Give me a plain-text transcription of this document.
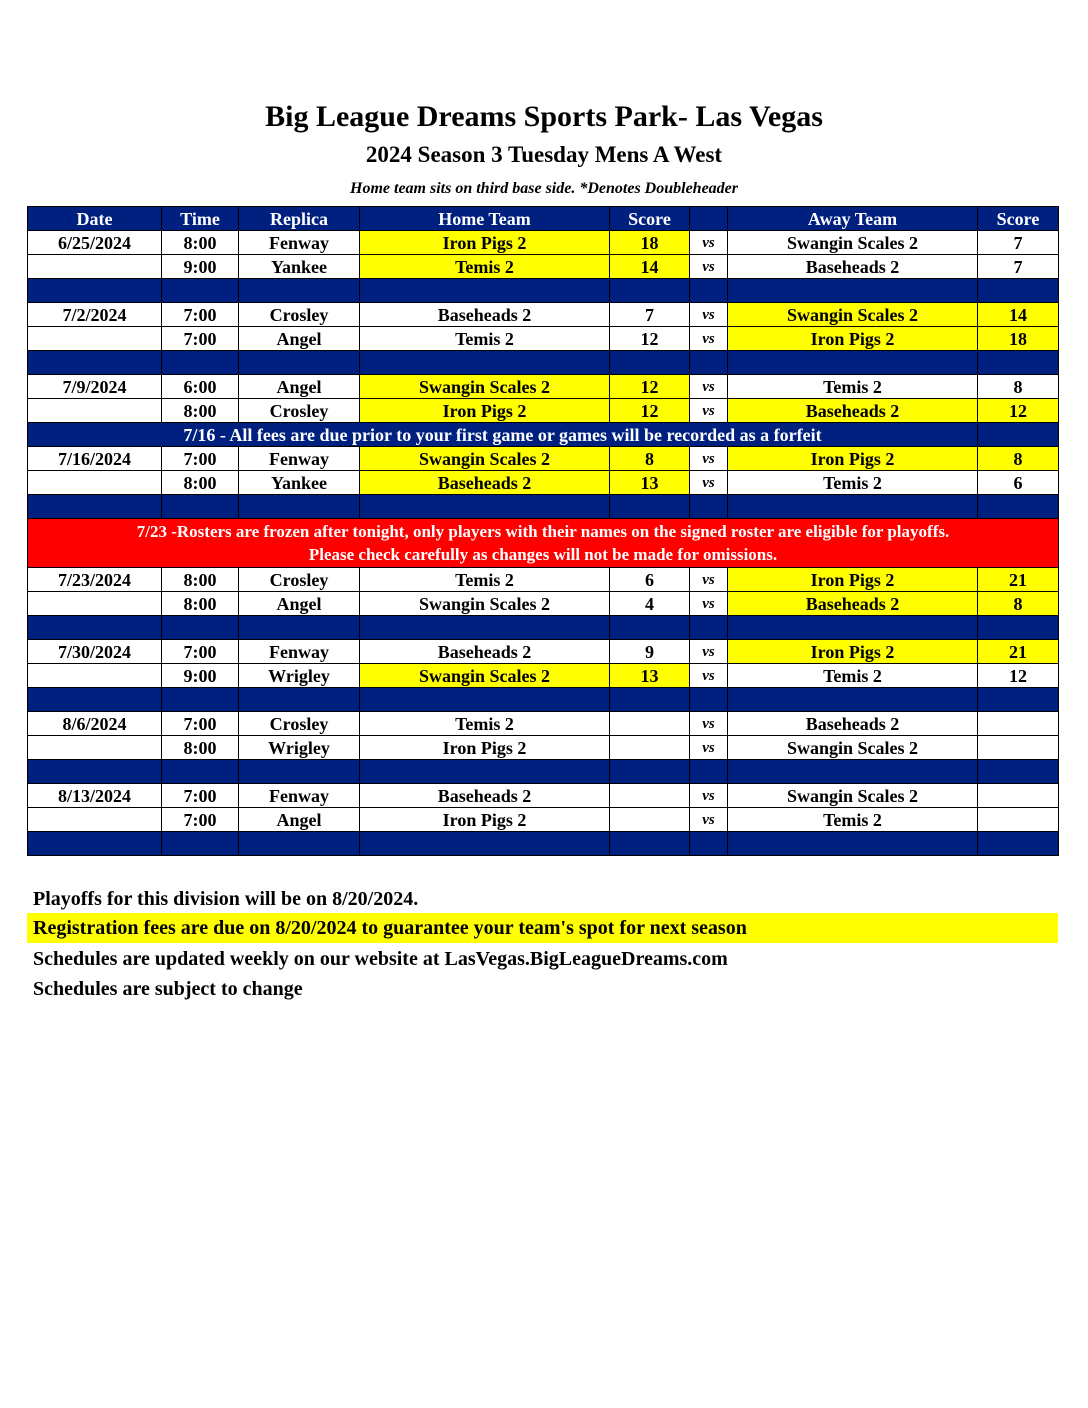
Big League Dreams Sports Park- Las Vegas
2024 Season 3 Tuesday Mens A West
Home team sits on third base side. *Denotes Doubleheader
Date	Time	Replica	Home Team	Score		Away Team	Score
6/25/2024	8:00	Fenway	Iron Pigs 2	18	vs	Swangin Scales 2	7
	9:00	Yankee	Temis 2	14	vs	Baseheads 2	7

7/2/2024	7:00	Crosley	Baseheads 2	7	vs	Swangin Scales 2	14
	7:00	Angel	Temis 2	12	vs	Iron Pigs 2	18

7/9/2024	6:00	Angel	Swangin Scales 2	12	vs	Temis 2	8
	8:00	Crosley	Iron Pigs 2	12	vs	Baseheads 2	12
7/16 - All fees are due prior to your first game or games will be recorded as a forfeit							
7/16/2024	7:00	Fenway	Swangin Scales 2	8	vs	Iron Pigs 2	8
	8:00	Yankee	Baseheads 2	13	vs	Temis 2	6

7/23 -Rosters are frozen after tonight, only players with their names on the signed roster are eligible for playoffs.
Please check carefully as changes will not be made for omissions.							

7/23/2024	8:00	Crosley	Temis 2	6	vs	Iron Pigs 2	21
	8:00	Angel	Swangin Scales 2	4	vs	Baseheads 2	8

7/30/2024	7:00	Fenway	Baseheads 2	9	vs	Iron Pigs 2	21
	9:00	Wrigley	Swangin Scales 2	13	vs	Temis 2	12

8/6/2024	7:00	Crosley	Temis 2		vs	Baseheads 2	
	8:00	Wrigley	Iron Pigs 2		vs	Swangin Scales 2	

8/13/2024	7:00	Fenway	Baseheads 2		vs	Swangin Scales 2	
	7:00	Angel	Iron Pigs 2		vs	Temis 2	

Playoffs for this division will be on 8/20/2024.
Registration fees are due on 8/20/2024 to guarantee your team's spot for next season
Schedules are updated weekly on our website at LasVegas.BigLeagueDreams.com
Schedules are subject to change
